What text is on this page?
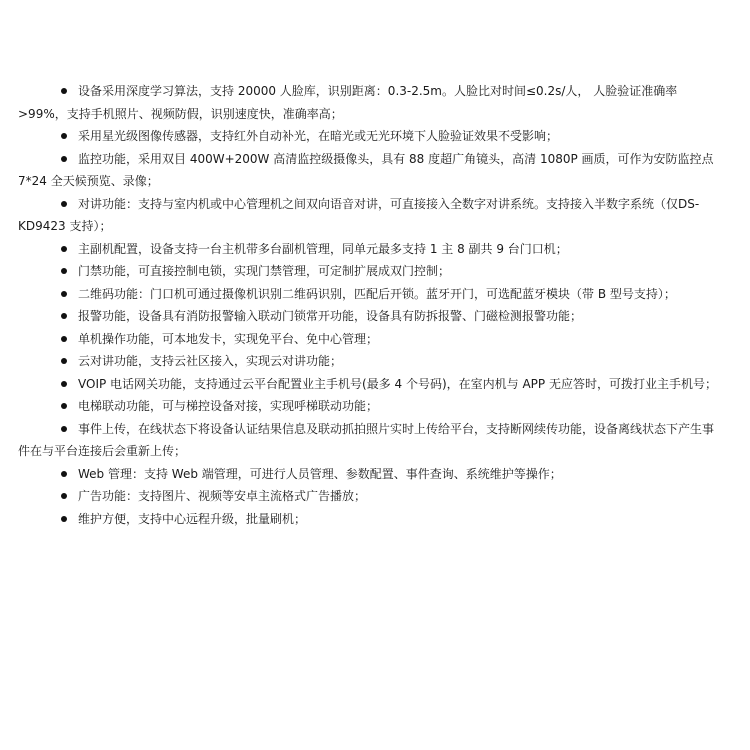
设备采用深度学习算法，支持 20000 人脸库，识别距离：0.3-2.5m。人脸比对时间≤0.2s/人， 人脸验证准确率>99%，支持手机照片、视频防假，识别速度快，准确率高；
采用星光级图像传感器，支持红外自动补光，在暗光或无光环境下人脸验证效果不受影响；
监控功能，采用双目 400W+200W 高清监控级摄像头，具有 88 度超广角镜头，高清 1080P 画质，可作为安防监控点7*24 全天候预览、录像；
对讲功能：支持与室内机或中心管理机之间双向语音对讲，可直接接入全数字对讲系统。支持接入半数字系统（仅DS-KD9423 支持）；
主副机配置，设备支持一台主机带多台副机管理，同单元最多支持 1 主 8 副共 9 台门口机；
门禁功能，可直接控制电锁，实现门禁管理，可定制扩展成双门控制；
二维码功能：门口机可通过摄像机识别二维码识别，匹配后开锁。蓝牙开门，可选配蓝牙模块（带 B 型号支持）；
报警功能，设备具有消防报警输入联动门锁常开功能，设备具有防拆报警、门磁检测报警功能；
单机操作功能，可本地发卡，实现免平台、免中心管理；
云对讲功能，支持云社区接入，实现云对讲功能；
VOIP 电话网关功能，支持通过云平台配置业主手机号(最多 4 个号码)，在室内机与 APP 无应答时，可拨打业主手机号；
电梯联动功能，可与梯控设备对接，实现呼梯联动功能；
事件上传，在线状态下将设备认证结果信息及联动抓拍照片实时上传给平台，支持断网续传功能，设备离线状态下产生事件在与平台连接后会重新上传；
Web 管理：支持 Web 端管理，可进行人员管理、参数配置、事件查询、系统维护等操作；
广告功能：支持图片、视频等安卓主流格式广告播放；
维护方便，支持中心远程升级，批量刷机；
